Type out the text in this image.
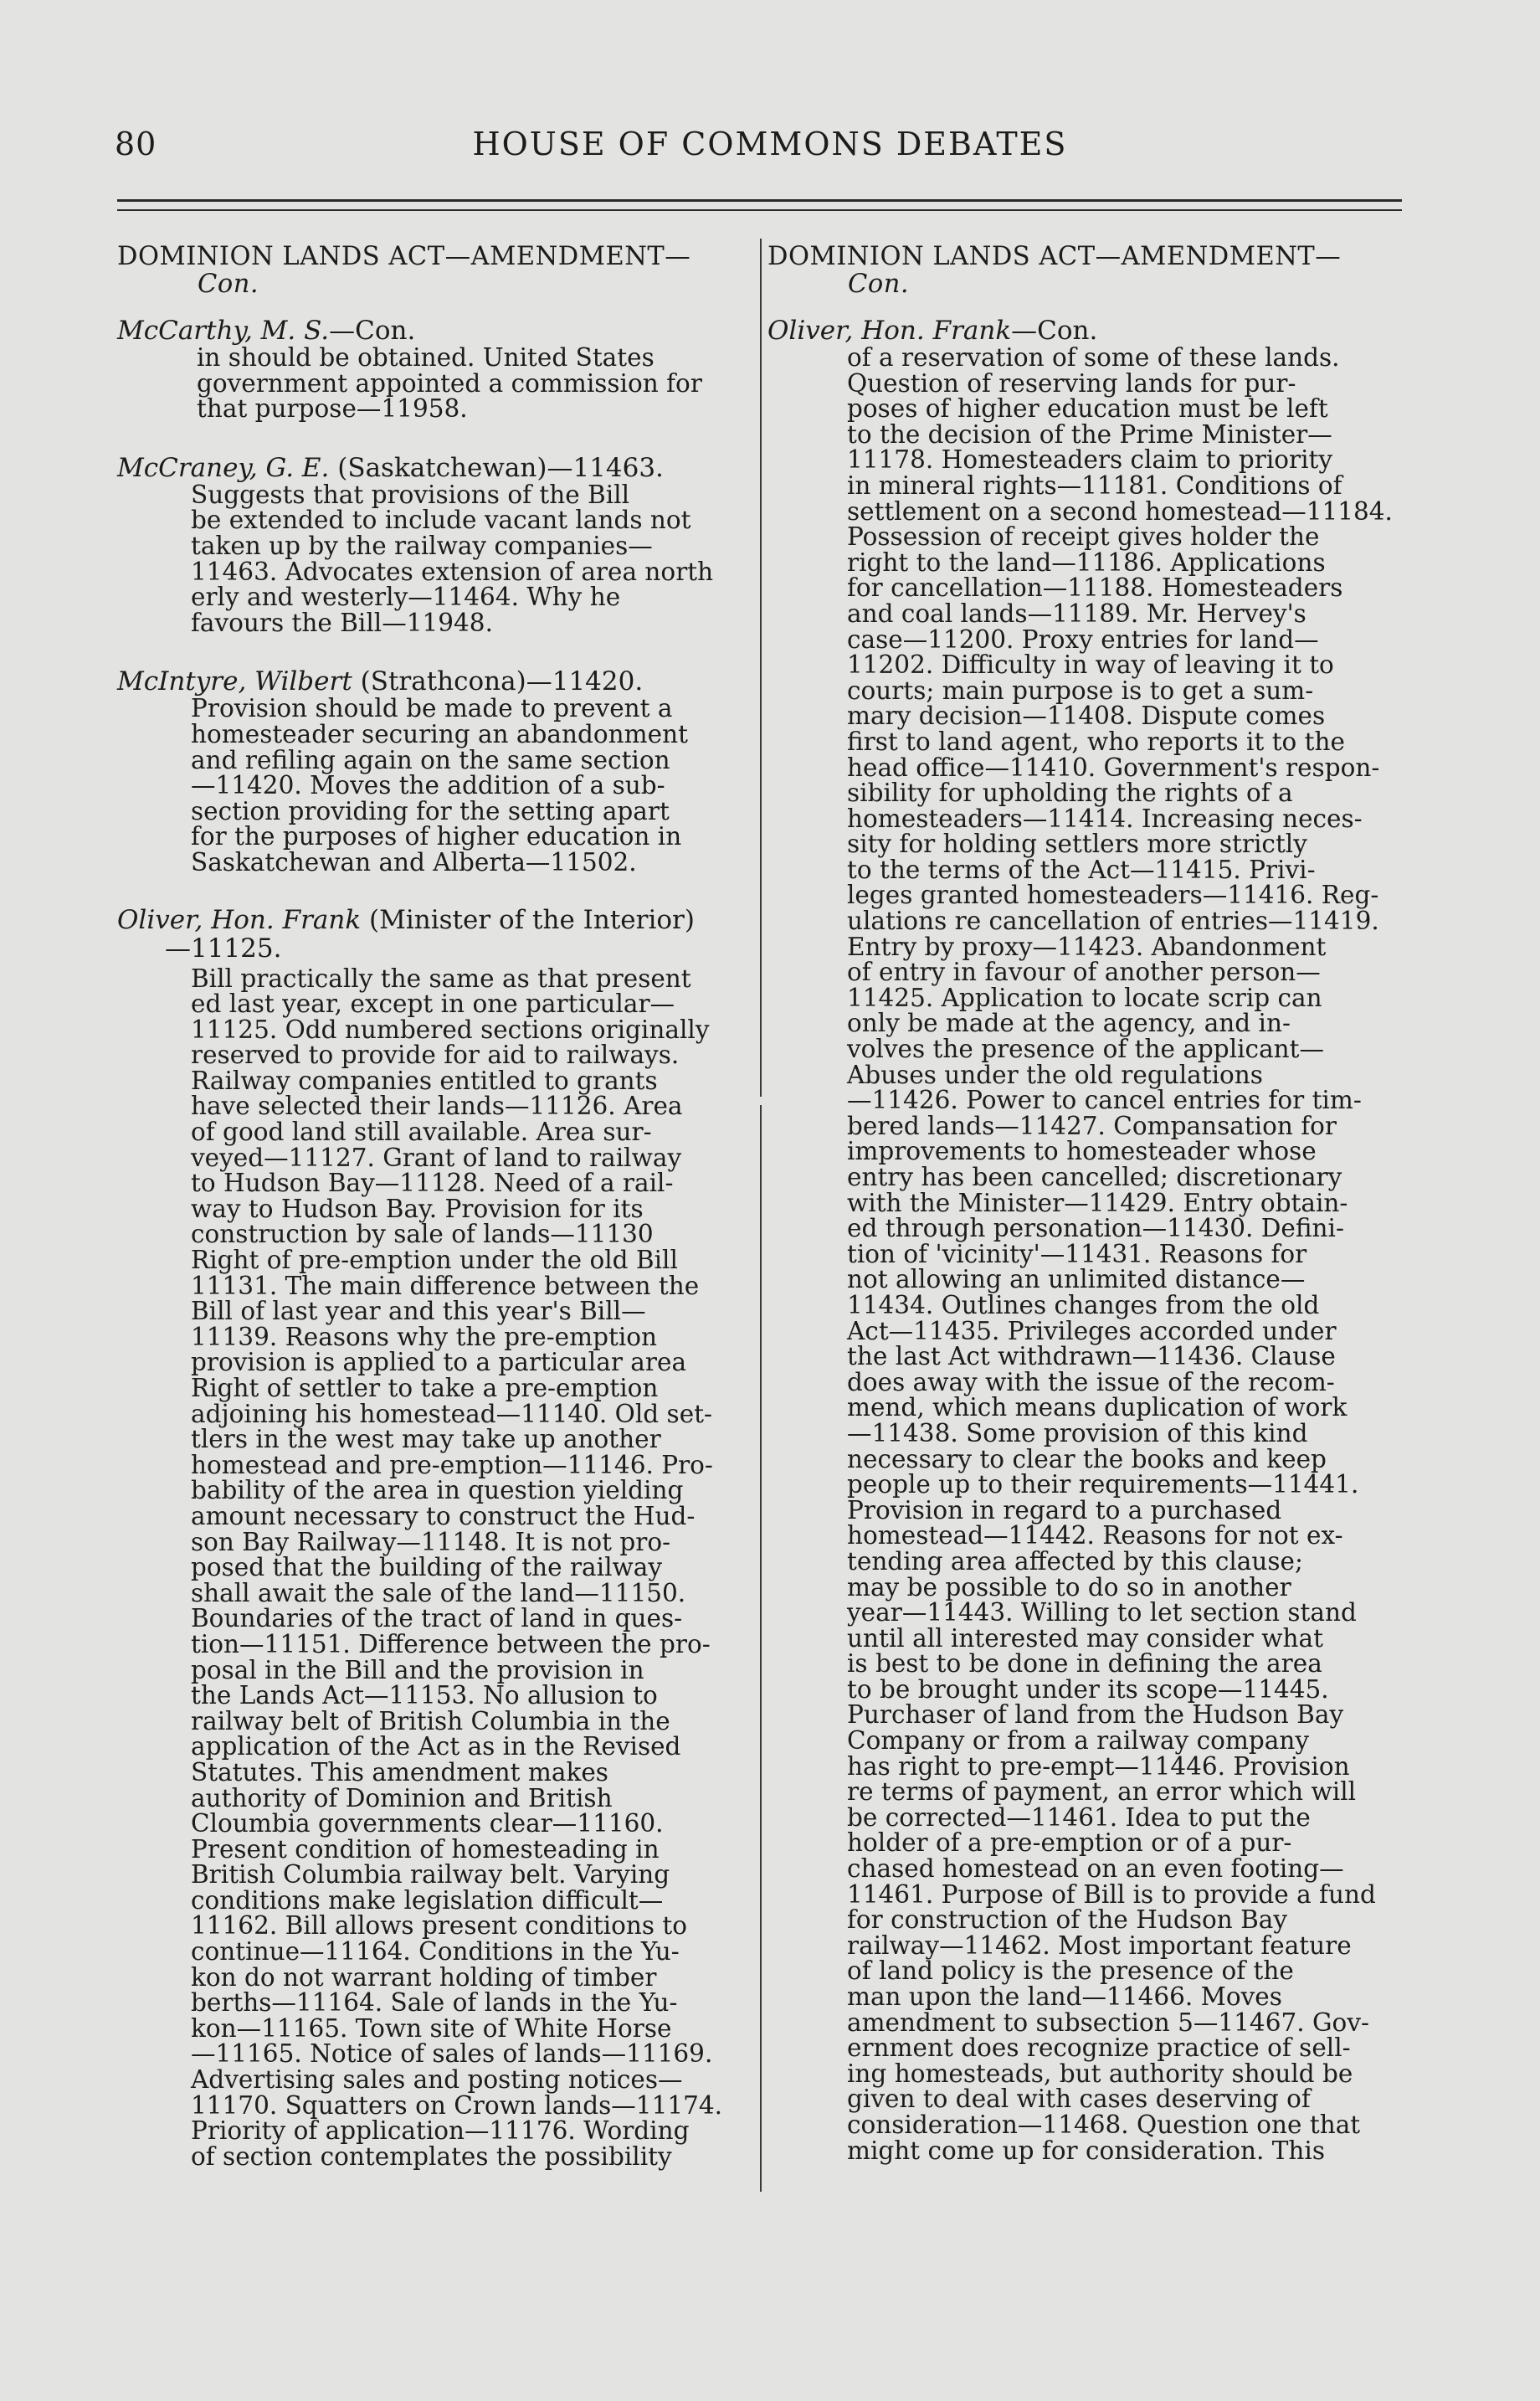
80	HOUSE OF COMMONS DEBATES
DOMINION LANDS ACT—AMENDMENT—
Con.
McCarthy, M. S.—Con.
in should be obtained. United States
government appointed a commission for
that purpose—11958.
McCraney, G. E. (Saskatchewan)—11463.
Suggests that provisions of the Bill
be extended to include vacant lands not
taken up by the railway companies—
11463. Advocates extension of area north
erly and westerly—11464. Why he
favours the Bill—11948.
McIntyre, Wilbert (Strathcona)—11420.
Provision should be made to prevent a
homesteader securing an abandonment
and refiling again on the same section
—11420. Moves the addition of a sub-
section providing for the setting apart
for the purposes of higher education in
Saskatchewan and Alberta—11502.
Oliver, Hon. Frank (Minister of the Interior)
—11125.
Bill practically the same as that present
ed last year, except in one particular—
11125. Odd numbered sections originally
reserved to provide for aid to railways.
Railway companies entitled to grants
have selected their lands—11126. Area
of good land still available. Area sur-
veyed—11127. Grant of land to railway
to Hudson Bay—11128. Need of a rail-
way to Hudson Bay. Provision for its
construction by sale of lands—11130
Right of pre-emption under the old Bill
11131. The main difference between the
Bill of last year and this year's Bill—
11139. Reasons why the pre-emption
provision is applied to a particular area
Right of settler to take a pre-emption
adjoining his homestead—11140. Old set-
tlers in the west may take up another
homestead and pre-emption—11146. Pro-
bability of the area in question yielding
amount necessary to construct the Hud-
son Bay Railway—11148. It is not pro-
posed that the building of the railway
shall await the sale of the land—11150.
Boundaries of the tract of land in ques-
tion—11151. Difference between the pro-
posal in the Bill and the provision in
the Lands Act—11153. No allusion to
railway belt of British Columbia in the
application of the Act as in the Revised
Statutes. This amendment makes
authority of Dominion and British
Cloumbia governments clear—11160.
Present condition of homesteading in
British Columbia railway belt. Varying
conditions make legislation difficult—
11162. Bill allows present conditions to
continue—11164. Conditions in the Yu-
kon do not warrant holding of timber
berths—11164. Sale of lands in the Yu-
kon—11165. Town site of White Horse
—11165. Notice of sales of lands—11169.
Advertising sales and posting notices—
11170. Squatters on Crown lands—11174.
Priority of application—11176. Wording
of section contemplates the possibility
DOMINION LANDS ACT—AMENDMENT—
Con.
Oliver, Hon. Frank—Con.
of a reservation of some of these lands.
Question of reserving lands for pur-
poses of higher education must be left
to the decision of the Prime Minister—
11178. Homesteaders claim to priority
in mineral rights—11181. Conditions of
settlement on a second homestead—11184.
Possession of receipt gives holder the
right to the land—11186. Applications
for cancellation—11188. Homesteaders
and coal lands—11189. Mr. Hervey's
case—11200. Proxy entries for land—
11202. Difficulty in way of leaving it to
courts; main purpose is to get a sum-
mary decision—11408. Dispute comes
first to land agent, who reports it to the
head office—11410. Government's respon-
sibility for upholding the rights of a
homesteaders—11414. Increasing neces-
sity for holding settlers more strictly
to the terms of the Act—11415. Privi-
leges granted homesteaders—11416. Reg-
ulations re cancellation of entries—11419.
Entry by proxy—11423. Abandonment
of entry in favour of another person—
11425. Application to locate scrip can
only be made at the agency, and in-
volves the presence of the applicant—
Abuses under the old regulations
—11426. Power to cancel entries for tim-
bered lands—11427. Compansation for
improvements to homesteader whose
entry has been cancelled; discretionary
with the Minister—11429. Entry obtain-
ed through personation—11430. Defini-
tion of 'vicinity'—11431. Reasons for
not allowing an unlimited distance—
11434. Outlines changes from the old
Act—11435. Privileges accorded under
the last Act withdrawn—11436. Clause
does away with the issue of the recom-
mend, which means duplication of work
—11438. Some provision of this kind
necessary to clear the books and keep
people up to their requirements—11441.
Provision in regard to a purchased
homestead—11442. Reasons for not ex-
tending area affected by this clause;
may be possible to do so in another
year—11443. Willing to let section stand
until all interested may consider what
is best to be done in defining the area
to be brought under its scope—11445.
Purchaser of land from the Hudson Bay
Company or from a railway company
has right to pre-empt—11446. Provision
re terms of payment, an error which will
be corrected—11461. Idea to put the
holder of a pre-emption or of a pur-
chased homestead on an even footing—
11461. Purpose of Bill is to provide a fund
for construction of the Hudson Bay
railway—11462. Most important feature
of land policy is the presence of the
man upon the land—11466. Moves
amendment to subsection 5—11467. Gov-
ernment does recognize practice of sell-
ing homesteads, but authority should be
given to deal with cases deserving of
consideration—11468. Question one that
might come up for consideration. This
